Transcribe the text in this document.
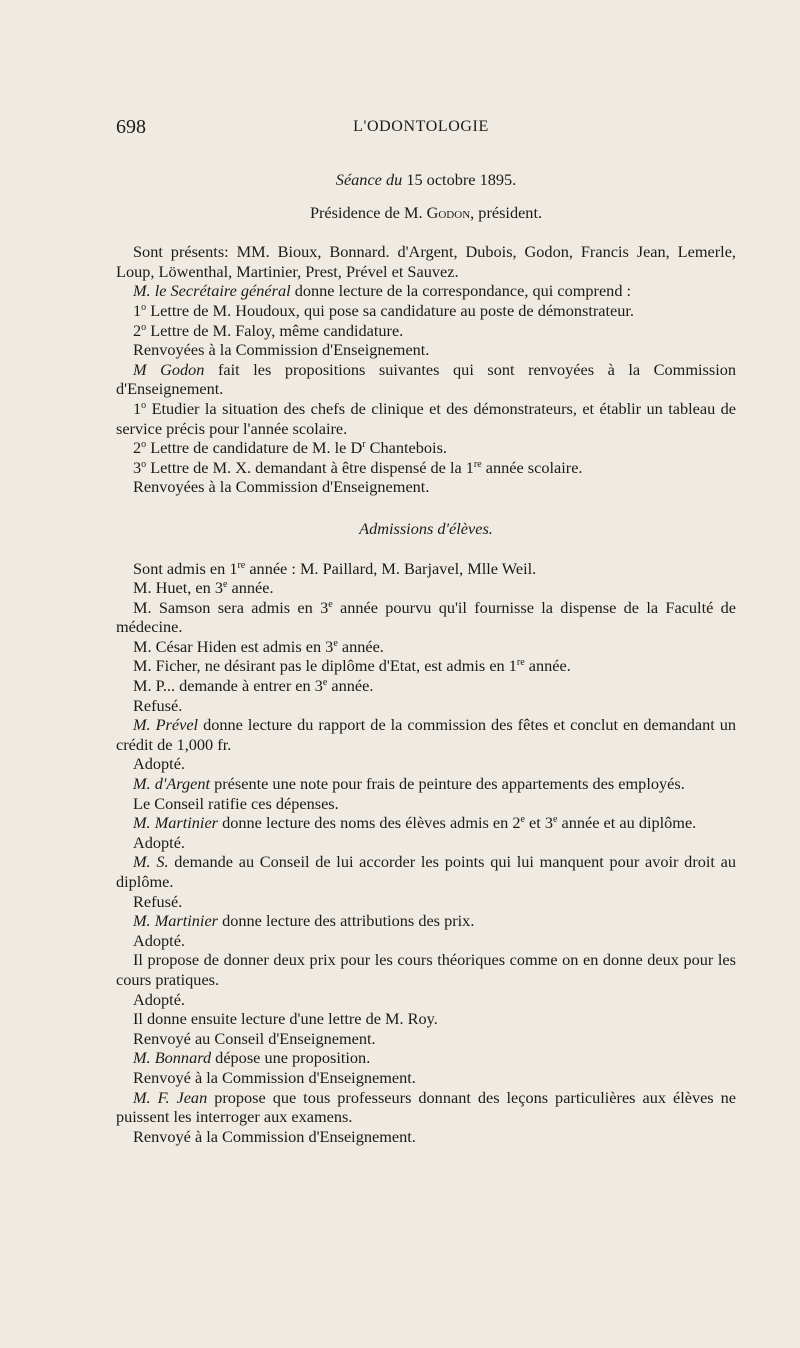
698	L'ODONTOLOGIE

Séance du 15 octobre 1895.

Présidence de M. Godon, président.

Sont présents: MM. Bioux, Bonnard. d'Argent, Dubois, Godon, Francis Jean, Lemerle, Loup, Löwenthal, Martinier, Prest, Prével et Sauvez.

M. le Secrétaire général donne lecture de la correspondance, qui comprend :

1$^o$ Lettre de M. Houdoux, qui pose sa candidature au poste de démonstrateur.

2$^o$ Lettre de M. Faloy, même candidature.

Renvoyées à la Commission d'Enseignement.

M Godon fait les propositions suivantes qui sont renvoyées à la Commission d'Enseignement.

1$^o$ Etudier la situation des chefs de clinique et des démonstrateurs, et établir un tableau de service précis pour l'année scolaire.

2$^o$ Lettre de candidature de M. le $D^r$ Chantebois.

3$^o$ Lettre de M. X. demandant à être dispensé de la 1re année scolaire.

Renvoyées à la Commission d'Enseignement.

Admissions d'élèves.

Sont admis en 1re année : M. Paillard, M. Barjavel, Mlle Weil.

M. Huet, en 3e année.

M. Samson sera admis en 3e année pourvu qu'il fournisse la dispense de la Faculté de médecine.

M. César Hiden est admis en 3e année.

M. Ficher, ne désirant pas le diplôme d'Etat, est admis en 1re année.

M. P... demande à entrer en 3e année.

Refusé.

M. Prével donne lecture du rapport de la commission des fêtes et conclut en demandant un crédit de 1,000 fr.

Adopté.

M. d'Argent présente une note pour frais de peinture des appartements des employés.

Le Conseil ratifie ces dépenses.

M. Martinier donne lecture des noms des élèves admis en 2e et 3e année et au diplôme.

Adopté.

M. S. demande au Conseil de lui accorder les points qui lui manquent pour avoir droit au diplôme.

Refusé.

M. Martinier donne lecture des attributions des prix.

Adopté.

Il propose de donner deux prix pour les cours théoriques comme on en donne deux pour les cours pratiques.

Adopté.

Il donne ensuite lecture d'une lettre de M. Roy.

Renvoyé au Conseil d'Enseignement.

M. Bonnard dépose une proposition.

Renvoyé à la Commission d'Enseignement.

M. F. Jean propose que tous professeurs donnant des leçons particulières aux élèves ne puissent les interroger aux examens.

Renvoyé à la Commission d'Enseignement.
